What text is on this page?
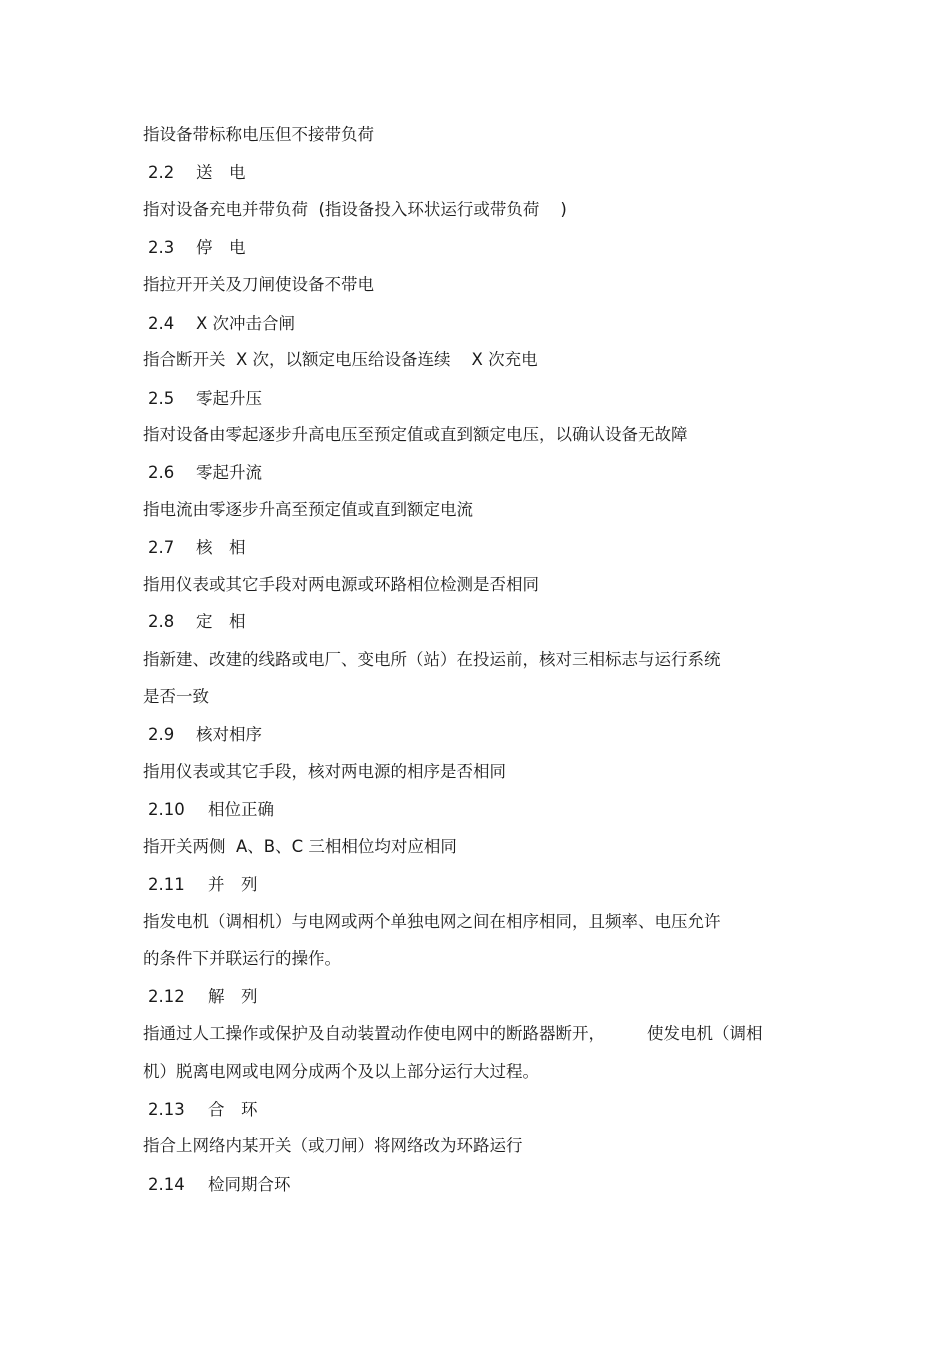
指设备带标称电压但不接带负荷
2.2 送　电
指对设备充电并带负荷  (指设备投入环状运行或带负荷    )
2.3 停　电
指拉开开关及刀闸使设备不带电
2.4 X 次冲击合闸
指合断开关  X 次，以额定电压给设备连续    X 次充电
2.5 零起升压
指对设备由零起逐步升高电压至预定值或直到额定电压，以确认设备无故障
2.6 零起升流
指电流由零逐步升高至预定值或直到额定电流
2.7 核　相
指用仪表或其它手段对两电源或环路相位检测是否相同
2.8 定　相
指新建、改建的线路或电厂、变电所（站）在投运前，核对三相标志与运行系统
是否一致
2.9 核对相序
指用仪表或其它手段，核对两电源的相序是否相同
2.10 相位正确
指开关两侧  A、B、C 三相相位均对应相同
2.11 并　列
指发电机（调相机）与电网或两个单独电网之间在相序相同，且频率、电压允许
的条件下并联运行的操作。
2.12 解　列
指通过人工操作或保护及自动装置动作使电网中的断路器断开，        使发电机（调相
机）脱离电网或电网分成两个及以上部分运行大过程。
2.13 合　环
指合上网络内某开关（或刀闸）将网络改为环路运行
2.14 检同期合环
